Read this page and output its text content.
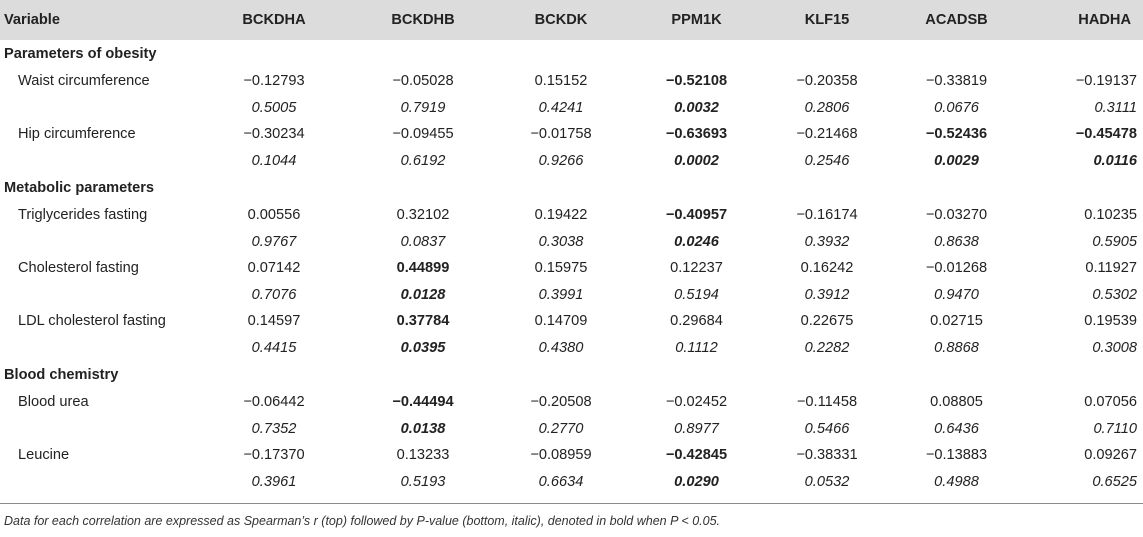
Variable	BCKDHA	BCKDHB	BCKDK	PPM1K	KLF15	ACADSB	HADHA
Parameters of obesity							
Waist circumference	−0.12793	−0.05028	0.15152	−0.52108	−0.20358	−0.33819	−0.19137
	0.5005	0.7919	0.4241	0.0032	0.2806	0.0676	0.3111
Hip circumference	−0.30234	−0.09455	−0.01758	−0.63693	−0.21468	−0.52436	−0.45478
	0.1044	0.6192	0.9266	0.0002	0.2546	0.0029	0.0116
Metabolic parameters							
Triglycerides fasting	0.00556	0.32102	0.19422	−0.40957	−0.16174	−0.03270	0.10235
	0.9767	0.0837	0.3038	0.0246	0.3932	0.8638	0.5905
Cholesterol fasting	0.07142	0.44899	0.15975	0.12237	0.16242	−0.01268	0.11927
	0.7076	0.0128	0.3991	0.5194	0.3912	0.9470	0.5302
LDL cholesterol fasting	0.14597	0.37784	0.14709	0.29684	0.22675	0.02715	0.19539
	0.4415	0.0395	0.4380	0.1112	0.2282	0.8868	0.3008
Blood chemistry							
Blood urea	−0.06442	−0.44494	−0.20508	−0.02452	−0.11458	0.08805	0.07056
	0.7352	0.0138	0.2770	0.8977	0.5466	0.6436	0.7110
Leucine	−0.17370	0.13233	−0.08959	−0.42845	−0.38331	−0.13883	0.09267
	0.3961	0.5193	0.6634	0.0290	0.0532	0.4988	0.6525
Data for each correlation are expressed as Spearman’s r (top) followed by P-value (bottom, italic), denoted in bold when P < 0.05.
